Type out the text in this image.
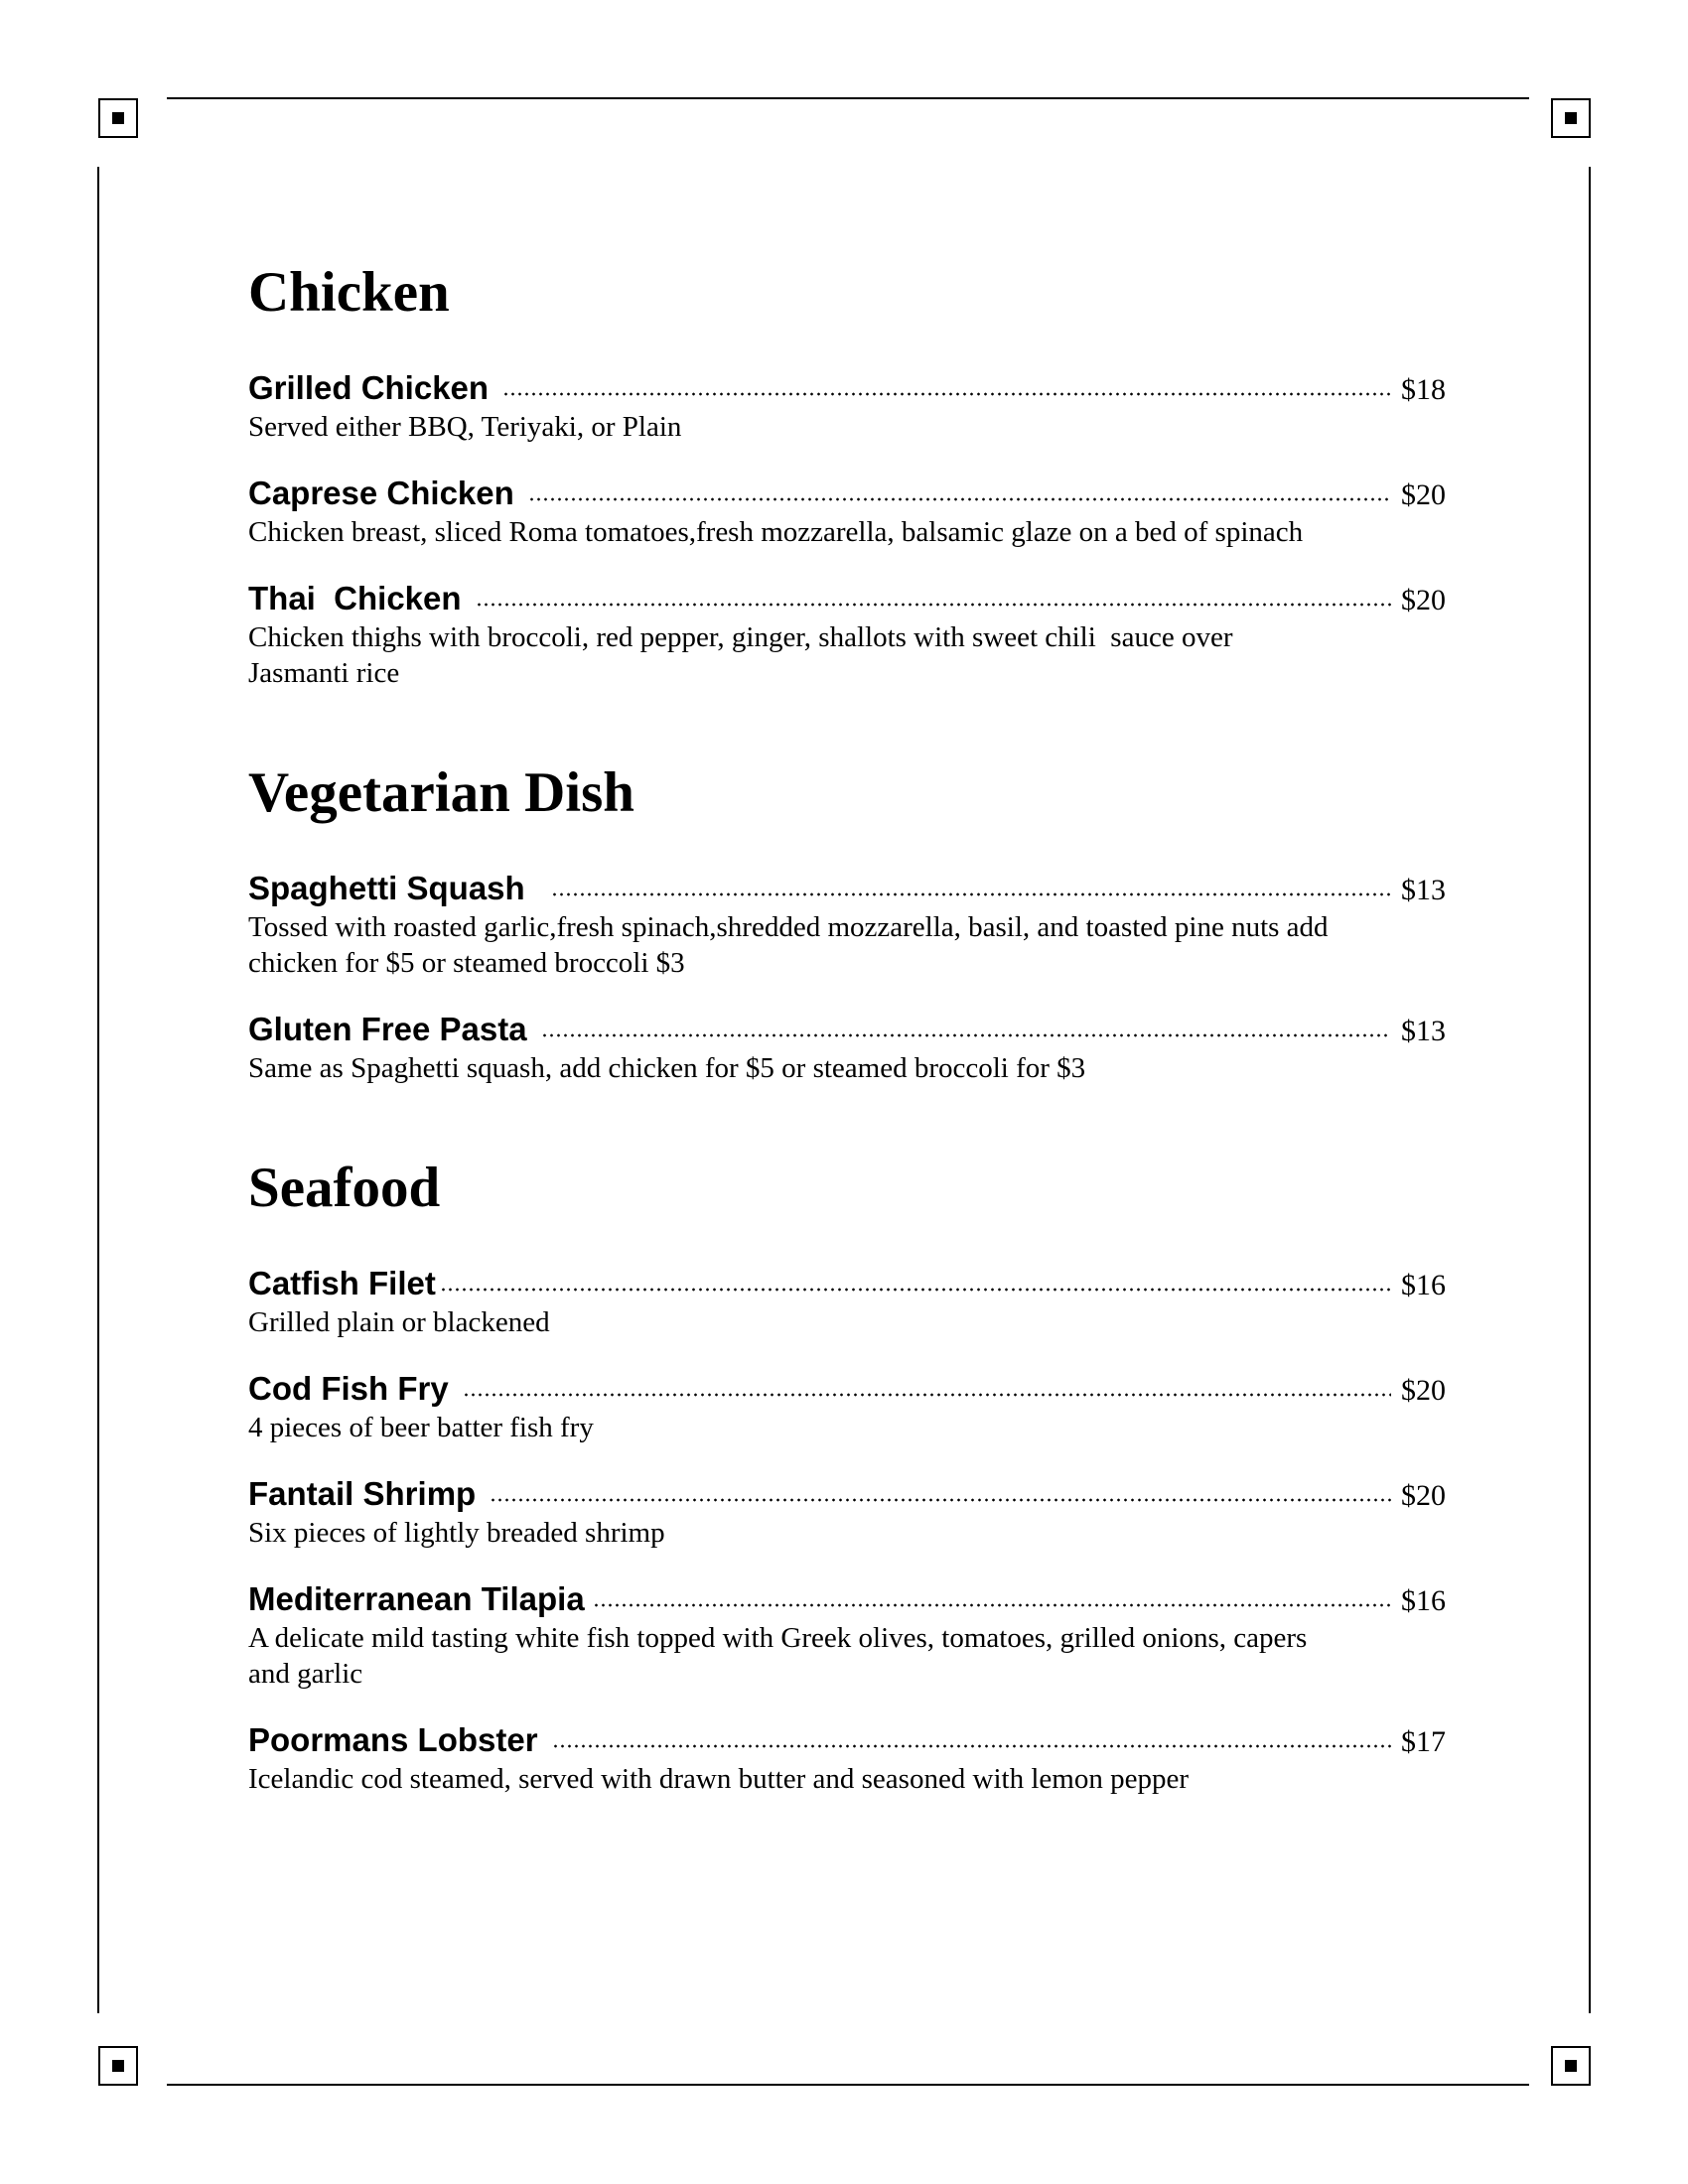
Chicken
Grilled Chicken	$18
Served either BBQ, Teriyaki, or Plain
Caprese Chicken	$20
Chicken breast, sliced Roma tomatoes,fresh mozzarella, balsamic glaze on a bed of spinach
Thai  Chicken	$20
Chicken thighs with broccoli, red pepper, ginger, shallots with sweet chili  sauce over Jasmanti rice
Vegetarian Dish
Spaghetti Squash	$13
Tossed with roasted garlic,fresh spinach,shredded mozzarella, basil, and toasted pine nuts add chicken for $5 or steamed broccoli $3
Gluten Free Pasta	$13
Same as Spaghetti squash, add chicken for $5 or steamed broccoli for $3
Seafood
Catfish Filet	$16
Grilled plain or blackened
Cod Fish Fry	$20
4 pieces of beer batter fish fry
Fantail Shrimp	$20
Six pieces of lightly breaded shrimp
Mediterranean Tilapia	$16
A delicate mild tasting white fish topped with Greek olives, tomatoes, grilled onions, capers and garlic
Poormans Lobster	$17
Icelandic cod steamed, served with drawn butter and seasoned with lemon pepper
